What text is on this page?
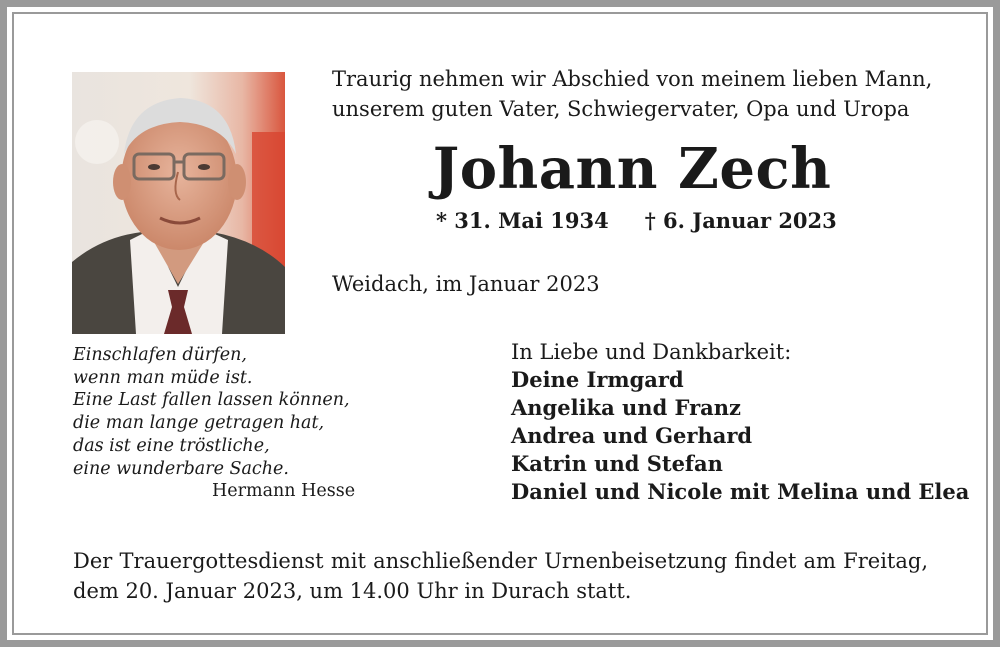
Traurig nehmen wir Abschied von meinem lieben Mann, unserem guten Vater, Schwiegervater, Opa und Uropa
Johann Zech
* 31. Mai 1934 † 6. Januar 2023
Weidach, im Januar 2023
Einschlafen dürfen,
wenn man müde ist.
Eine Last fallen lassen können,
die man lange getragen hat,
das ist eine tröstliche,
eine wunderbare Sache.
Hermann Hesse
In Liebe und Dankbarkeit:
Deine Irmgard
Angelika und Franz
Andrea und Gerhard
Katrin und Stefan
Daniel und Nicole mit Melina und Elea
Der Trauergottesdienst mit anschließender Urnenbeisetzung findet am Freitag, dem 20. Januar 2023, um 14.00 Uhr in Durach statt.
